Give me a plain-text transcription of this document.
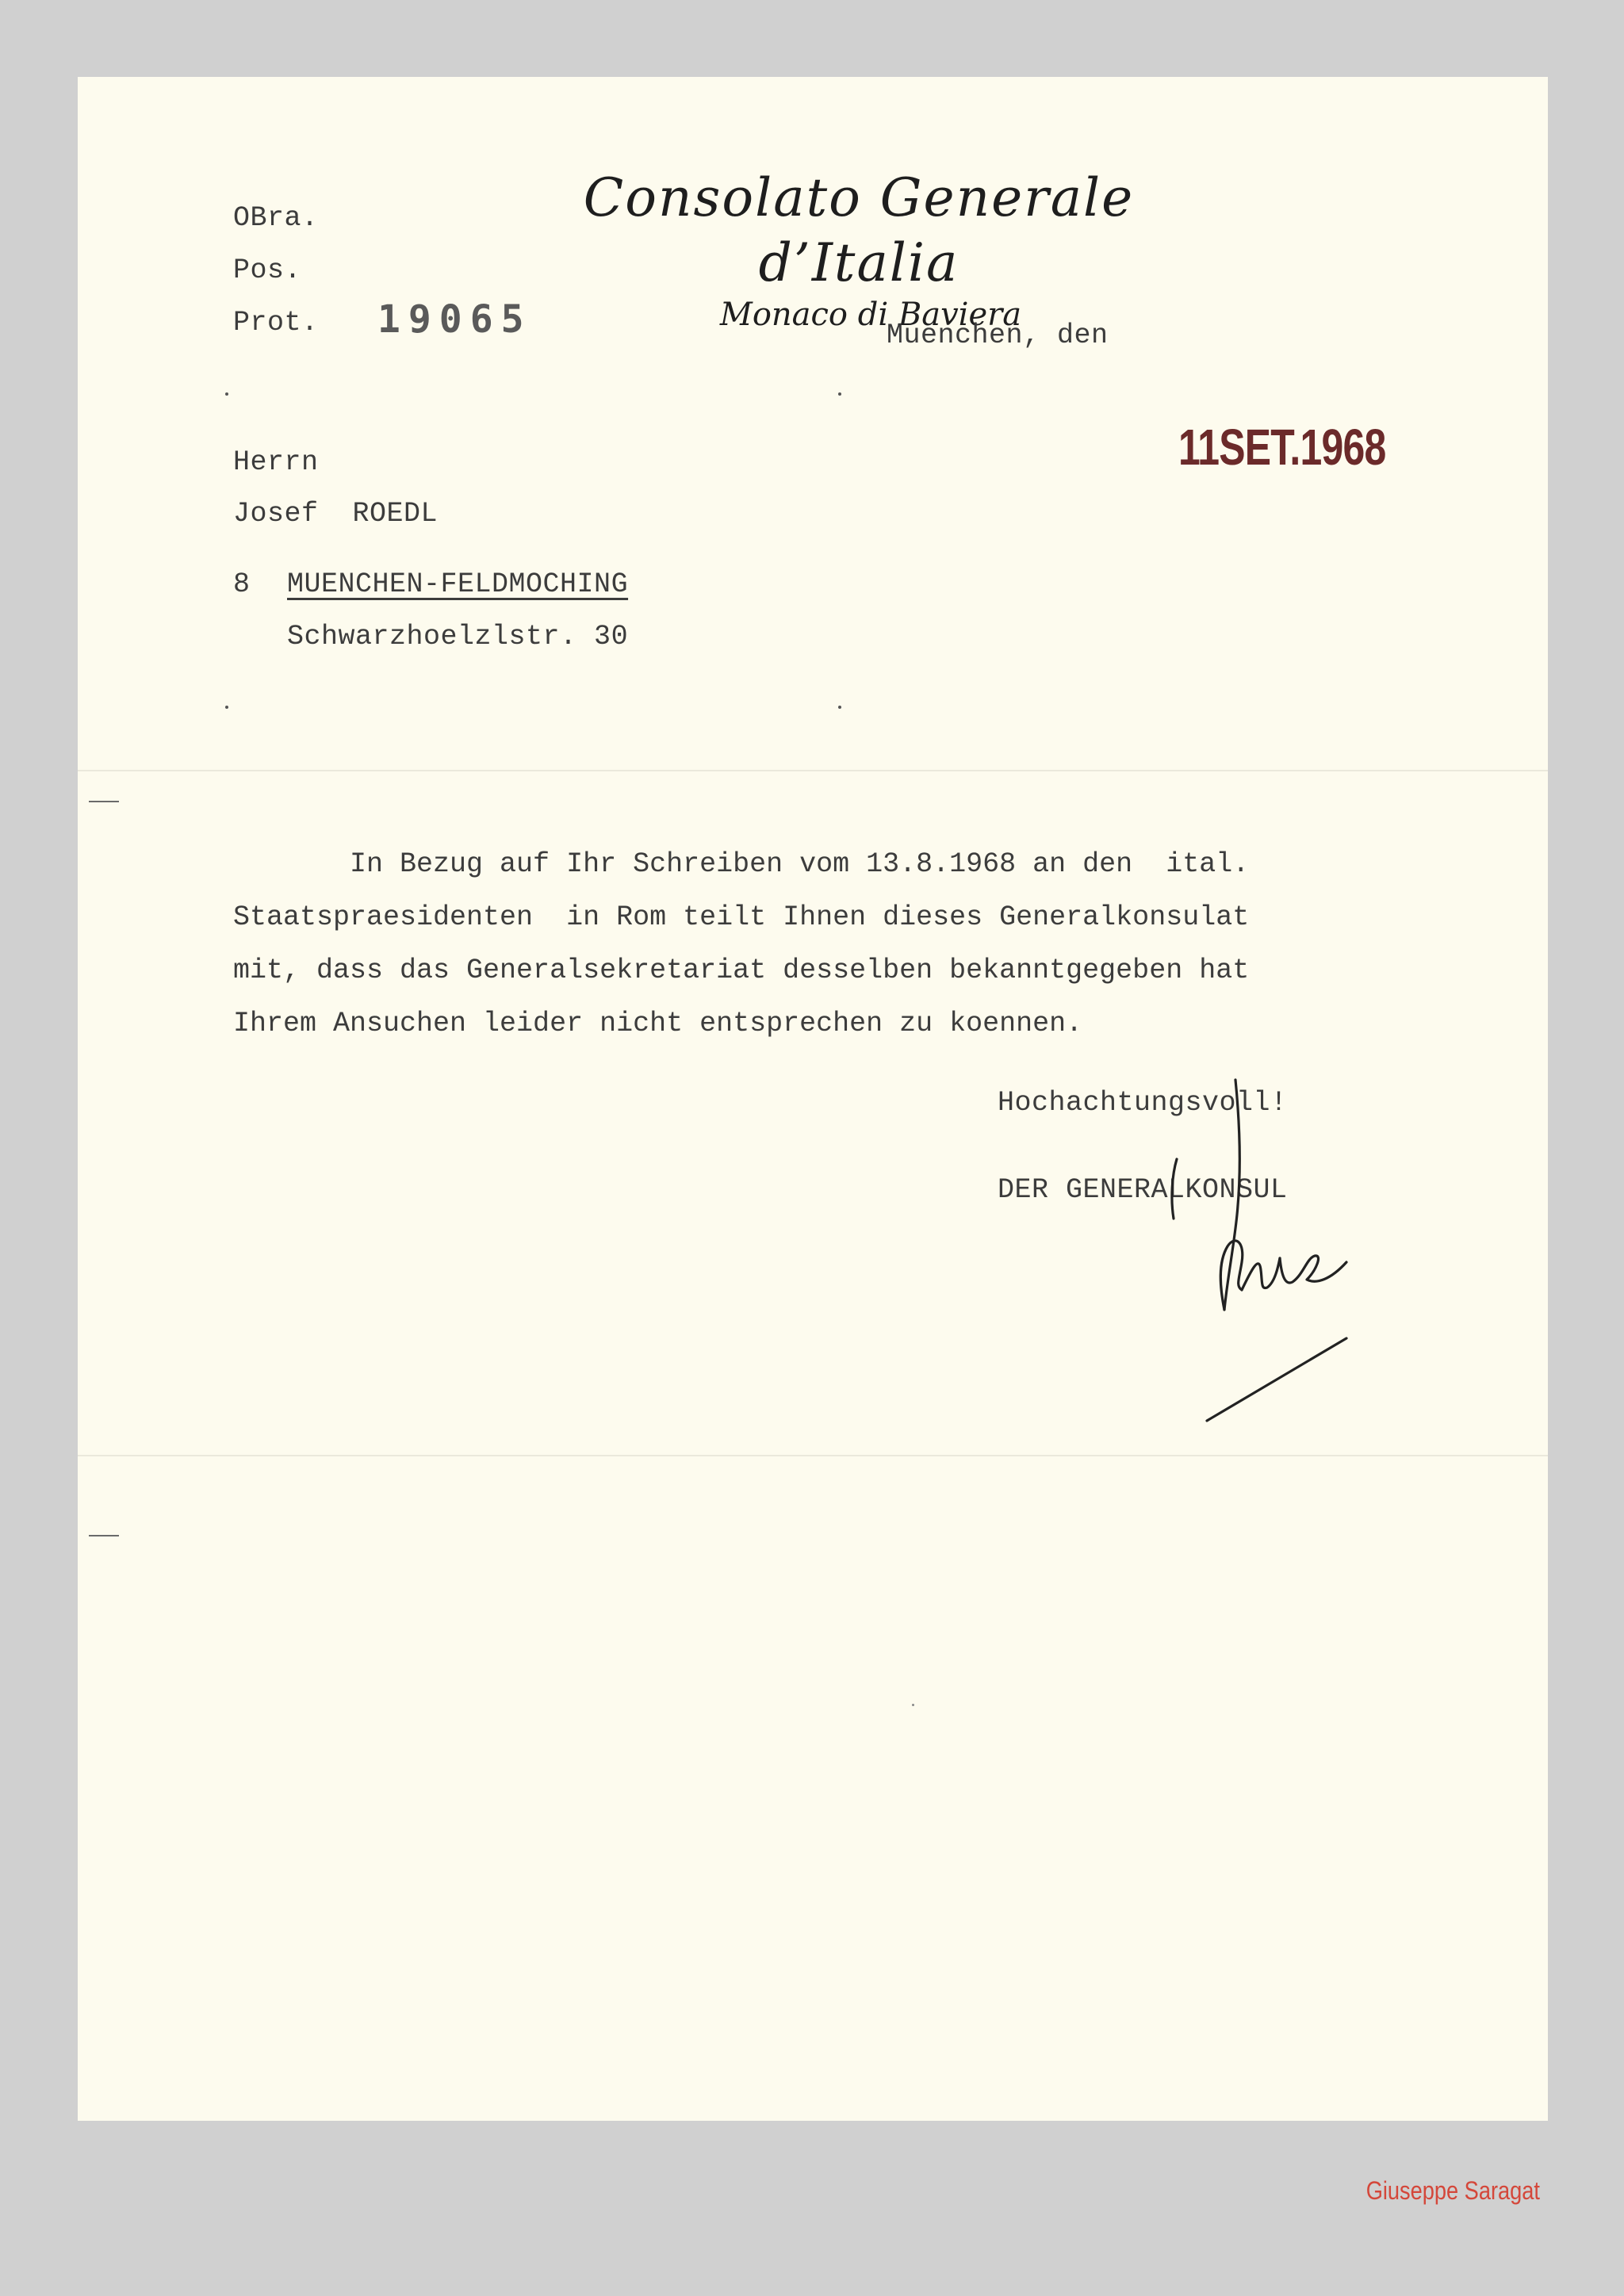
Consolato Generale d’Italia
Monaco di Baviera
OBra.
Pos.
Prot. 19065	Muenchen, den
11SET.1968
Herrn
Josef  ROEDL
8 MUENCHEN-FELDMOCHING
Schwarzhoelzlstr. 30

In Bezug auf Ihr Schreiben vom 13.8.1968 an den  ital.

Staatspraesidenten  in Rom teilt Ihnen dieses Generalkonsulat

mit, dass das Generalsekretariat desselben bekanntgegeben hat

Ihrem Ansuchen leider nicht entsprechen zu koennen.

Hochachtungsvoll!
DER GENERALKONSUL
Giuseppe Saragat
